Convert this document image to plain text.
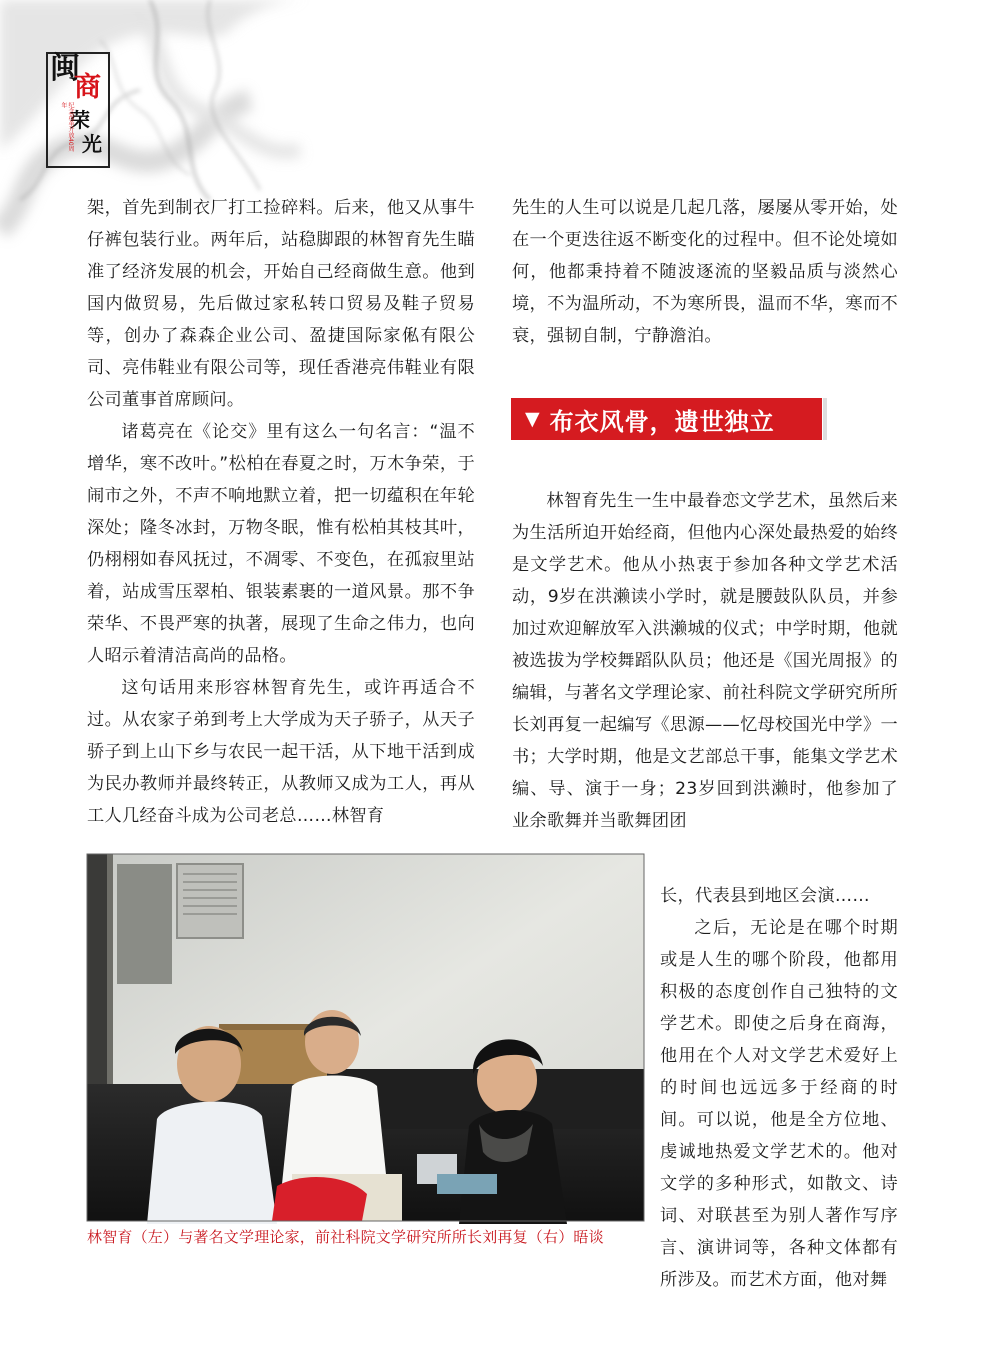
闽
商
荣
光
纪念改革开放40周年

架，首先到制衣厂打工捡碎料。后来，他又从事牛仔裤包装行业。两年后，站稳脚跟的林智育先生瞄准了经济发展的机会，开始自己经商做生意。他到国内做贸易，先后做过家私转口贸易及鞋子贸易等，创办了森森企业公司、盈捷国际家俬有限公司、亮伟鞋业有限公司等，现任香港亮伟鞋业有限公司董事首席顾问。

诸葛亮在《论交》里有这么一句名言：“温不增华，寒不改叶。”松柏在春夏之时，万木争荣，于闹市之外，不声不响地默立着，把一切蕴积在年轮深处；隆冬冰封，万物冬眠，惟有松柏其枝其叶，仍栩栩如春风抚过，不凋零、不变色，在孤寂里站着，站成雪压翠柏、银装素裹的一道风景。那不争荣华、不畏严寒的执著，展现了生命之伟力，也向人昭示着清洁高尚的品格。

这句话用来形容林智育先生，或许再适合不过。从农家子弟到考上大学成为天子骄子，从天子骄子到上山下乡与农民一起干活，从下地干活到成为民办教师并最终转正，从教师又成为工人，再从工人几经奋斗成为公司老总……林智育

先生的人生可以说是几起几落，屡屡从零开始，处在一个更迭往返不断变化的过程中。但不论处境如何，他都秉持着不随波逐流的坚毅品质与淡然心境，不为温所动，不为寒所畏，温而不华，寒而不衰，强韧自制，宁静澹泊。

▼ 布衣风骨，遗世独立

林智育先生一生中最眷恋文学艺术，虽然后来为生活所迫开始经商，但他内心深处最热爱的始终是文学艺术。他从小热衷于参加各种文学艺术活动，9岁在洪濑读小学时，就是腰鼓队队员，并参加过欢迎解放军入洪濑城的仪式；中学时期，他就被选拔为学校舞蹈队队员；他还是《国光周报》的编辑，与著名文学理论家、前社科院文学研究所所长刘再复一起编写《思源——忆母校国光中学》一书；大学时期，他是文艺部总干事，能集文学艺术编、导、演于一身；23岁回到洪濑时，他参加了业余歌舞并当歌舞团团

长，代表县到地区会演……

之后，无论是在哪个时期或是人生的哪个阶段，他都用积极的态度创作自己独特的文学艺术。即使之后身在商海，他用在个人对文学艺术爱好上的时间也远远多于经商的时间。可以说，他是全方位地、虔诚地热爱文学艺术的。他对文学的多种形式，如散文、诗词、对联甚至为别人著作写序言、演讲词等，各种文体都有所涉及。而艺术方面，他对舞

林智育（左）与著名文学理论家，前社科院文学研究所所长刘再复（右）晤谈
